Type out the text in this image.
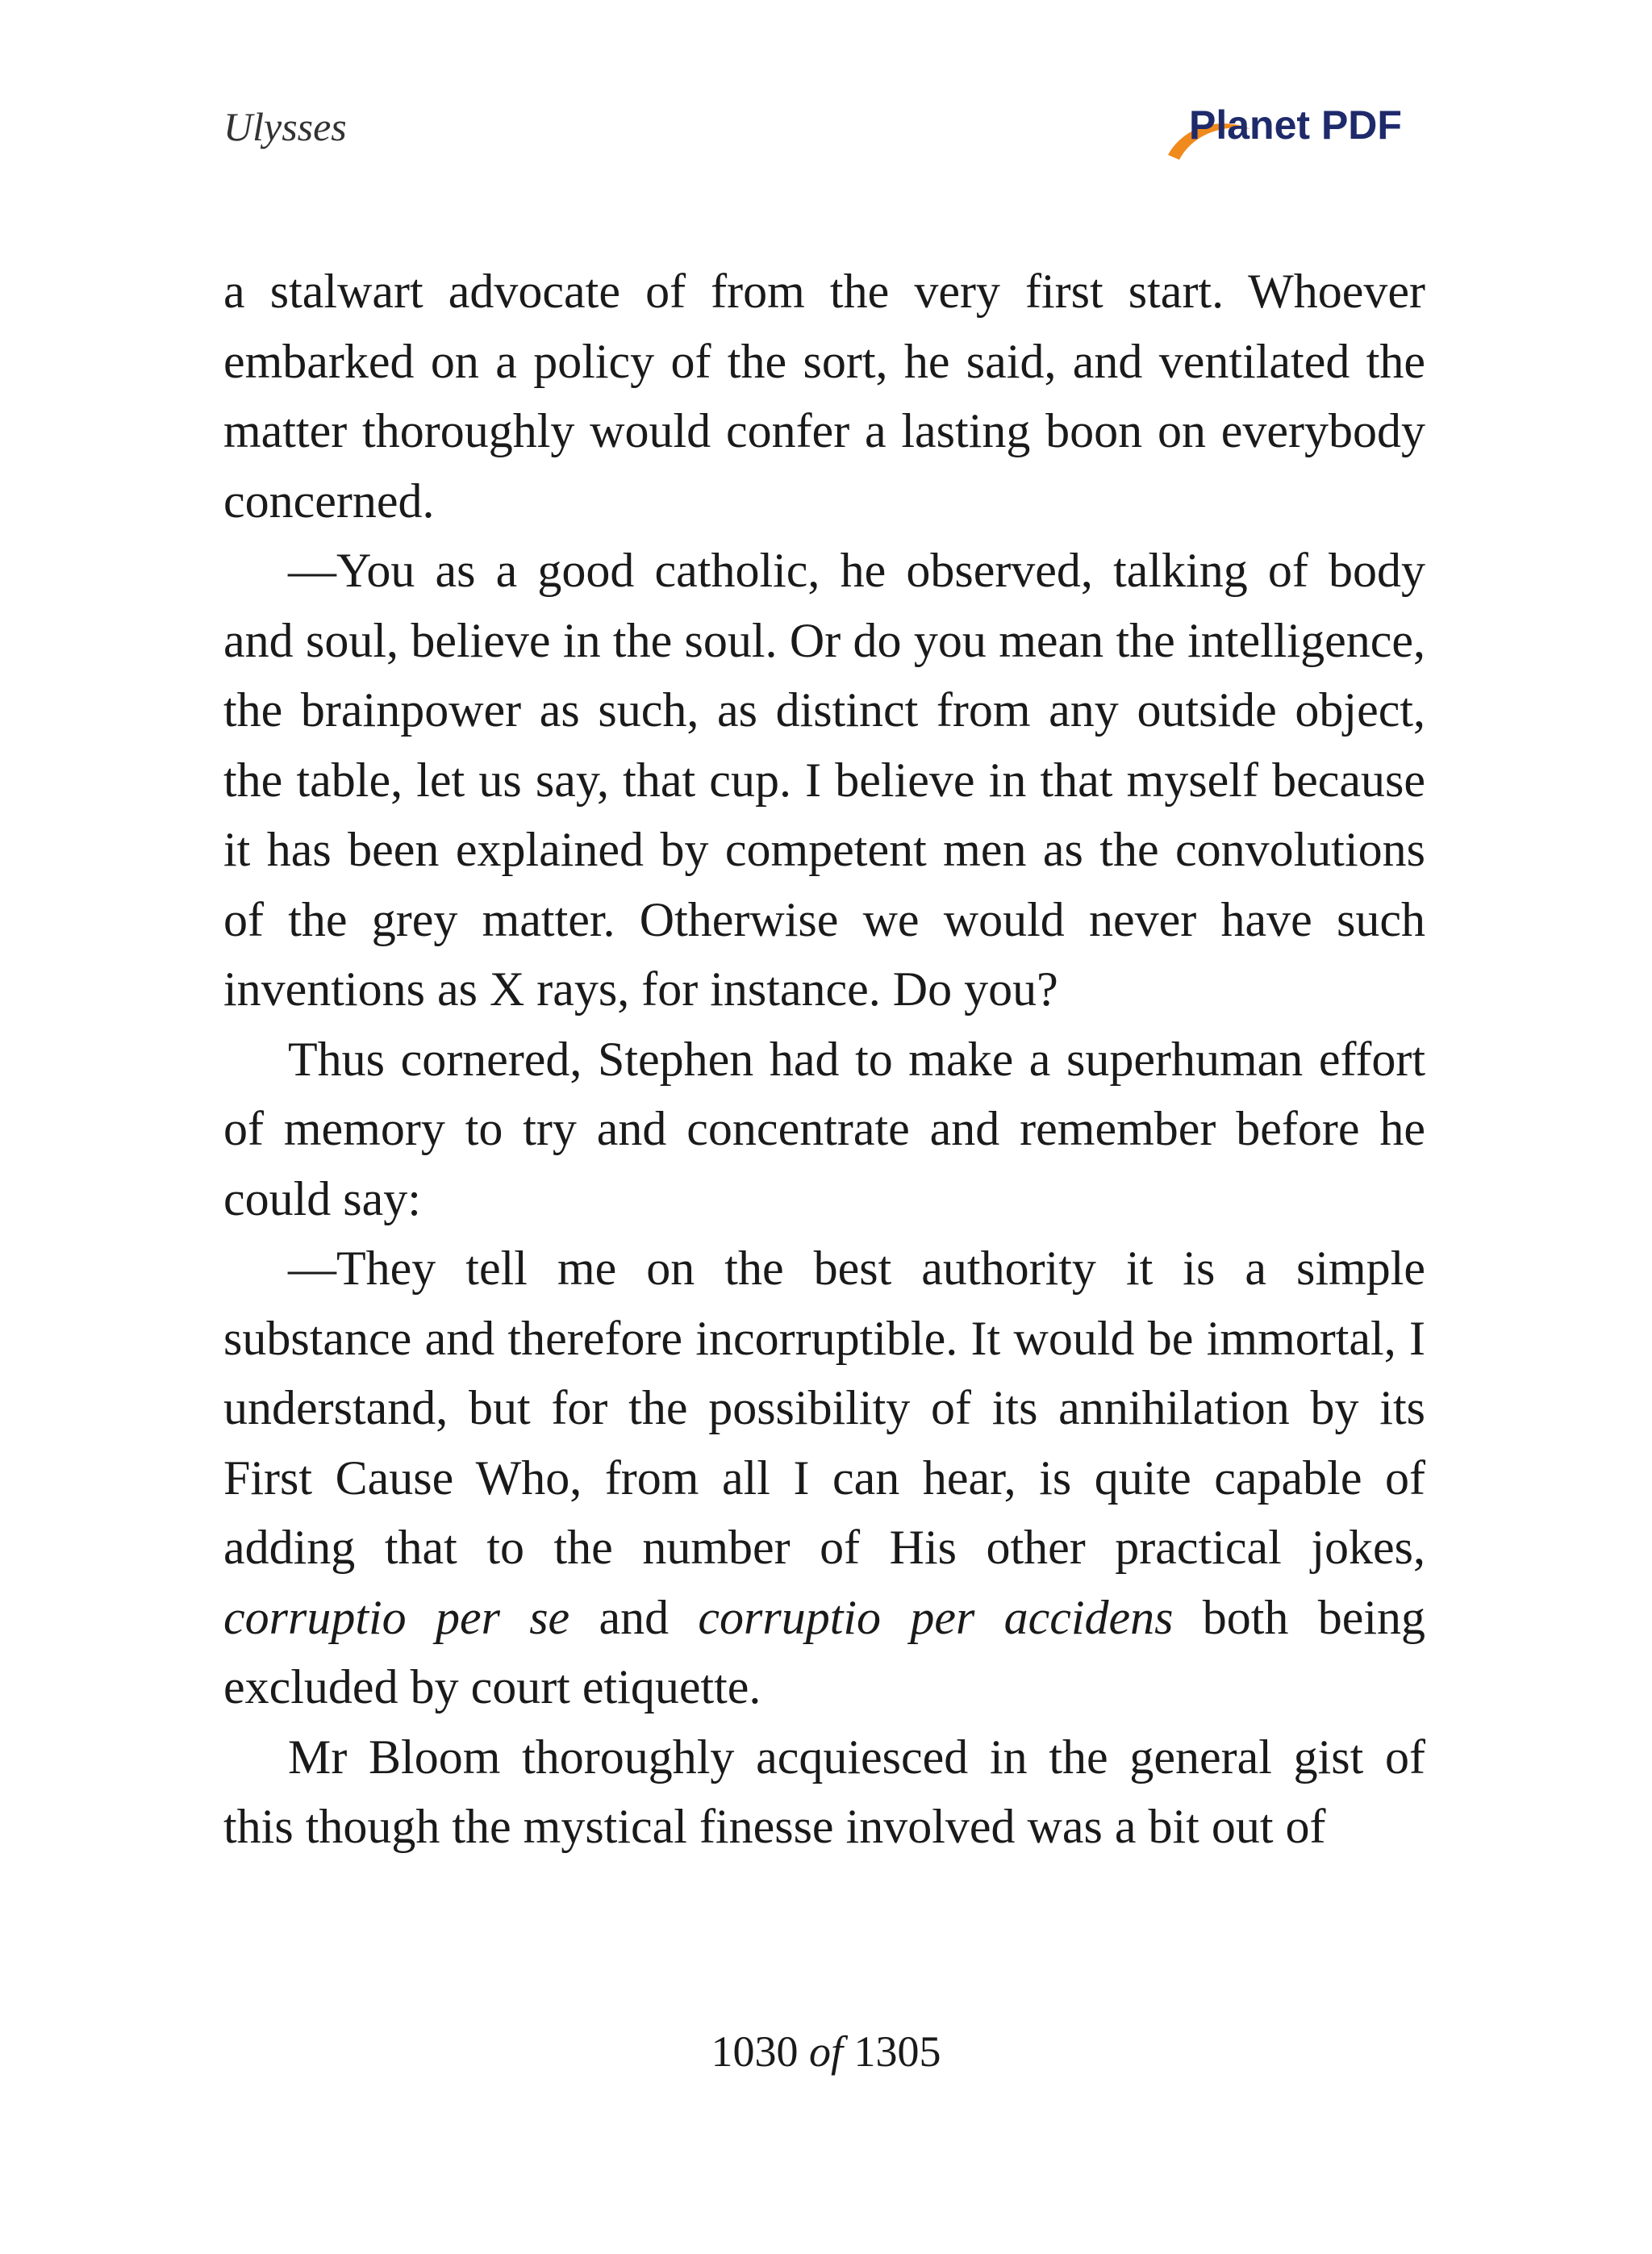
Ulysses	Planet PDF

a stalwart advocate of from the very first start. Whoever embarked on a policy of the sort, he said, and ventilated the matter thoroughly would confer a lasting boon on everybody concerned.

—You as a good catholic, he observed, talking of body and soul, believe in the soul. Or do you mean the intelligence, the brainpower as such, as distinct from any outside object, the table, let us say, that cup. I believe in that myself because it has been explained by competent men as the convolutions of the grey matter. Otherwise we would never have such inventions as X rays, for instance. Do you?

Thus cornered, Stephen had to make a superhuman effort of memory to try and concentrate and remember before he could say:

—They tell me on the best authority it is a simple substance and therefore incorruptible. It would be immortal, I understand, but for the possibility of its annihilation by its First Cause Who, from all I can hear, is quite capable of adding that to the number of His other practical jokes, corruptio per se and corruptio per accidens both being excluded by court etiquette.

Mr Bloom thoroughly acquiesced in the general gist of this though the mystical finesse involved was a bit out of

1030 of 1305
